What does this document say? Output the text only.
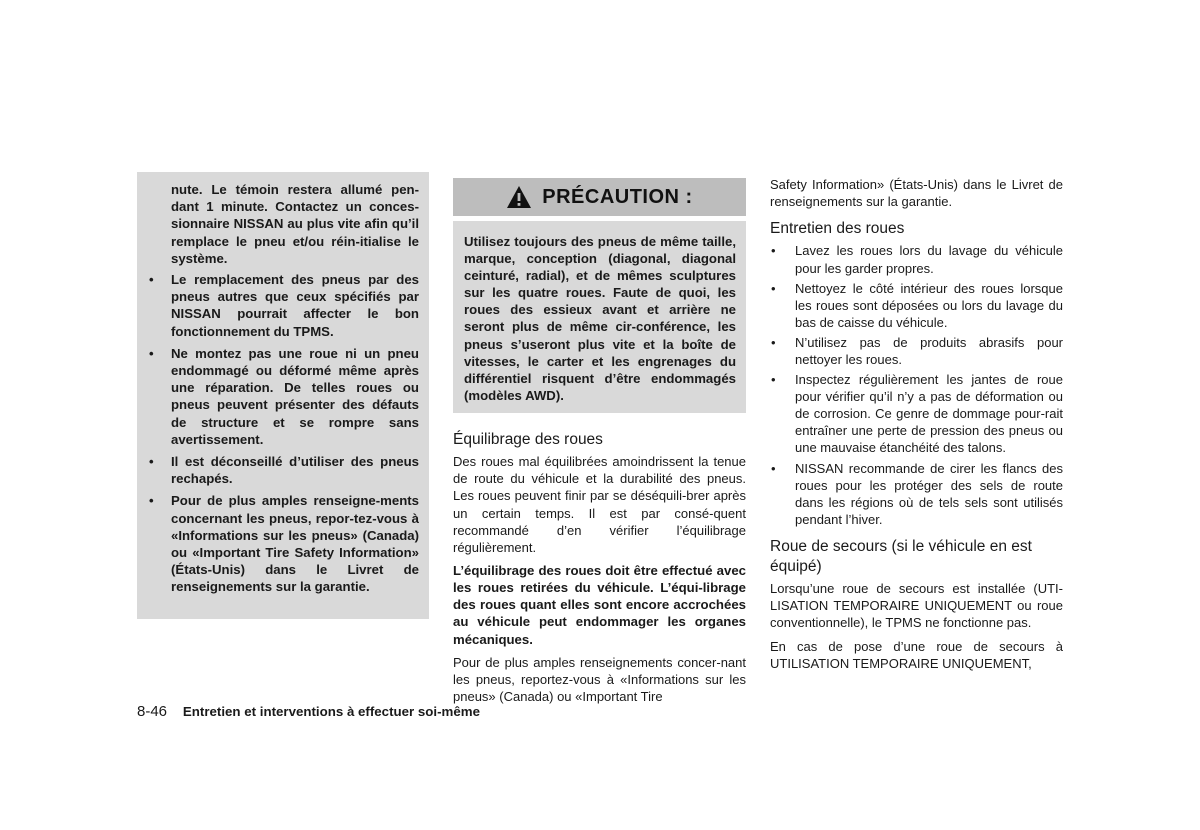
nute. Le témoin restera allumé pen-dant 1 minute. Contactez un conces-sionnaire NISSAN au plus vite afin qu’il remplace le pneu et/ou réin-itialise le système.

• Le remplacement des pneus par des pneus autres que ceux spécifiés par NISSAN pourrait affecter le bon fonctionnement du TPMS.
• Ne montez pas une roue ni un pneu endommagé ou déformé même après une réparation. De telles roues ou pneus peuvent présenter des défauts de structure et se rompre sans avertissement.
• Il est déconseillé d’utiliser des pneus rechapés.
• Pour de plus amples renseigne-ments concernant les pneus, repor-tez-vous à «Informations sur les pneus» (Canada) ou «Important Tire Safety Information» (États-Unis) dans le Livret de renseignements sur la garantie.
PRÉCAUTION :
Utilisez toujours des pneus de même taille, marque, conception (diagonal, diagonal ceinturé, radial), et de mêmes sculptures sur les quatre roues. Faute de quoi, les roues des essieux avant et arrière ne seront plus de même cir-conférence, les pneus s’useront plus vite et la boîte de vitesses, le carter et les engrenages du différentiel risquent d’être endommagés (modèles AWD).
Équilibrage des roues

Des roues mal équilibrées amoindrissent la tenue de route du véhicule et la durabilité des pneus. Les roues peuvent finir par se déséquili-brer après un certain temps. Il est par consé-quent recommandé d’en vérifier l’équilibrage régulièrement.

L’équilibrage des roues doit être effectué avec les roues retirées du véhicule. L’équi-librage des roues quant elles sont encore accrochées au véhicule peut endommager les organes mécaniques.

Pour de plus amples renseignements concer-nant les pneus, reportez-vous à «Informations sur les pneus» (Canada) ou «Important Tire

Safety Information» (États-Unis) dans le Livret de renseignements sur la garantie.

Entretien des roues
• Lavez les roues lors du lavage du véhicule pour les garder propres.
• Nettoyez le côté intérieur des roues lorsque les roues sont déposées ou lors du lavage du bas de caisse du véhicule.
• N’utilisez pas de produits abrasifs pour nettoyer les roues.
• Inspectez régulièrement les jantes de roue pour vérifier qu’il n’y a pas de déformation ou de corrosion. Ce genre de dommage pour-rait entraîner une perte de pression des pneus ou une mauvaise étanchéité des talons.
• NISSAN recommande de cirer les flancs des roues pour les protéger des sels de route dans les régions où de tels sels sont utilisés pendant l’hiver.
Roue de secours (si le véhicule en est équipé)

Lorsqu’une roue de secours est installée (UTI-LISATION TEMPORAIRE UNIQUEMENT ou roue conventionnelle), le TPMS ne fonctionne pas.

En cas de pose d’une roue de secours à UTILISATION TEMPORAIRE UNIQUEMENT,

8-46 Entretien et interventions à effectuer soi-même
